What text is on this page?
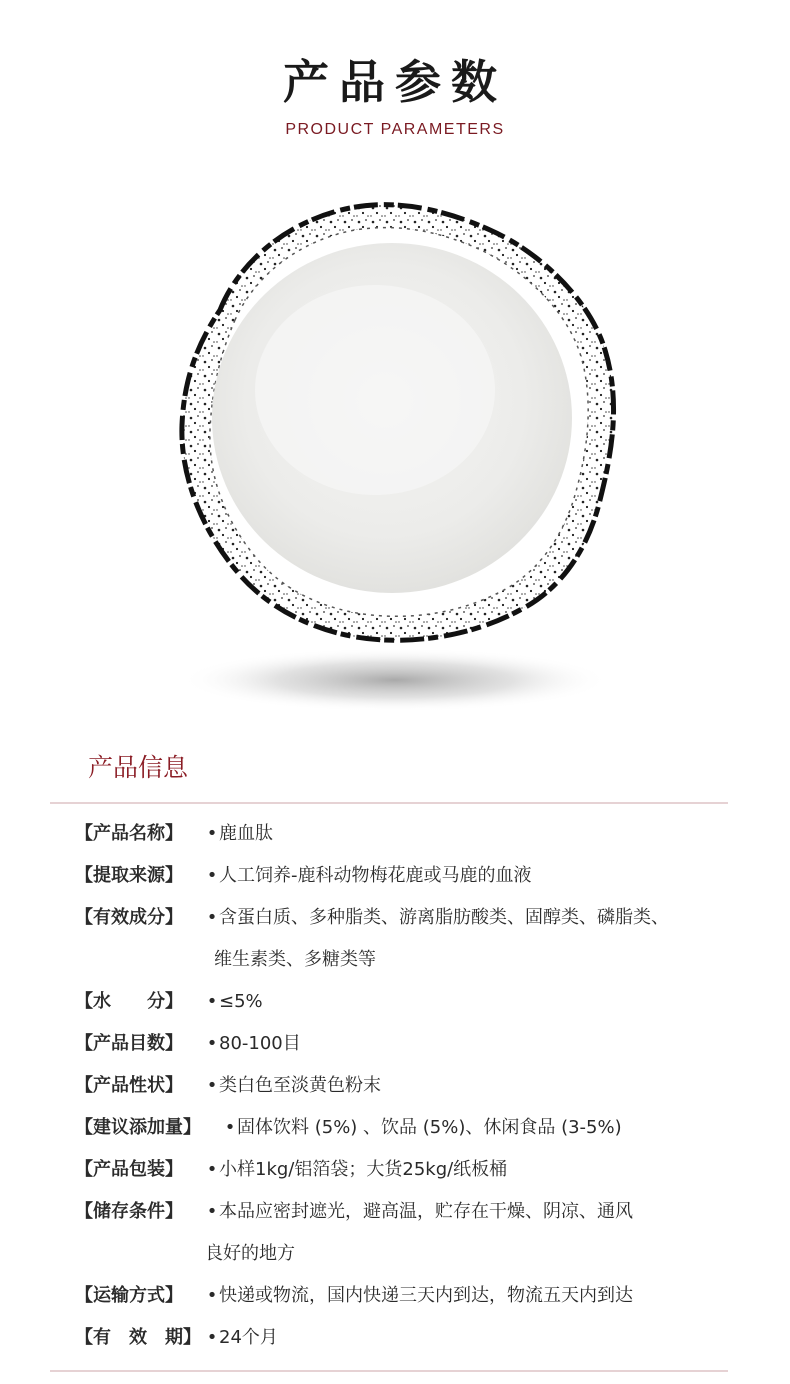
产品参数
PRODUCT PARAMETERS
产品信息
【产品名称】 •鹿血肽
【提取来源】 •人工饲养-鹿科动物梅花鹿或马鹿的血液
【有效成分】 •含蛋白质、多种脂类、游离脂肪酸类、固醇类、磷脂类、
维生素类、多糖类等
【水　　分】 •≤5%
【产品目数】 •80-100目
【产品性状】 •类白色至淡黄色粉末
【建议添加量】 •固体饮料 (5%) 、饮品 (5%)、休闲食品 (3-5%)
【产品包装】 •小样1kg/铝箔袋；大货25kg/纸板桶
【储存条件】 •本品应密封遮光，避高温，贮存在干燥、阴凉、通风
良好的地方
【运输方式】 •快递或物流，国内快递三天内到达，物流五天内到达
【有　效　期】 •24个月
